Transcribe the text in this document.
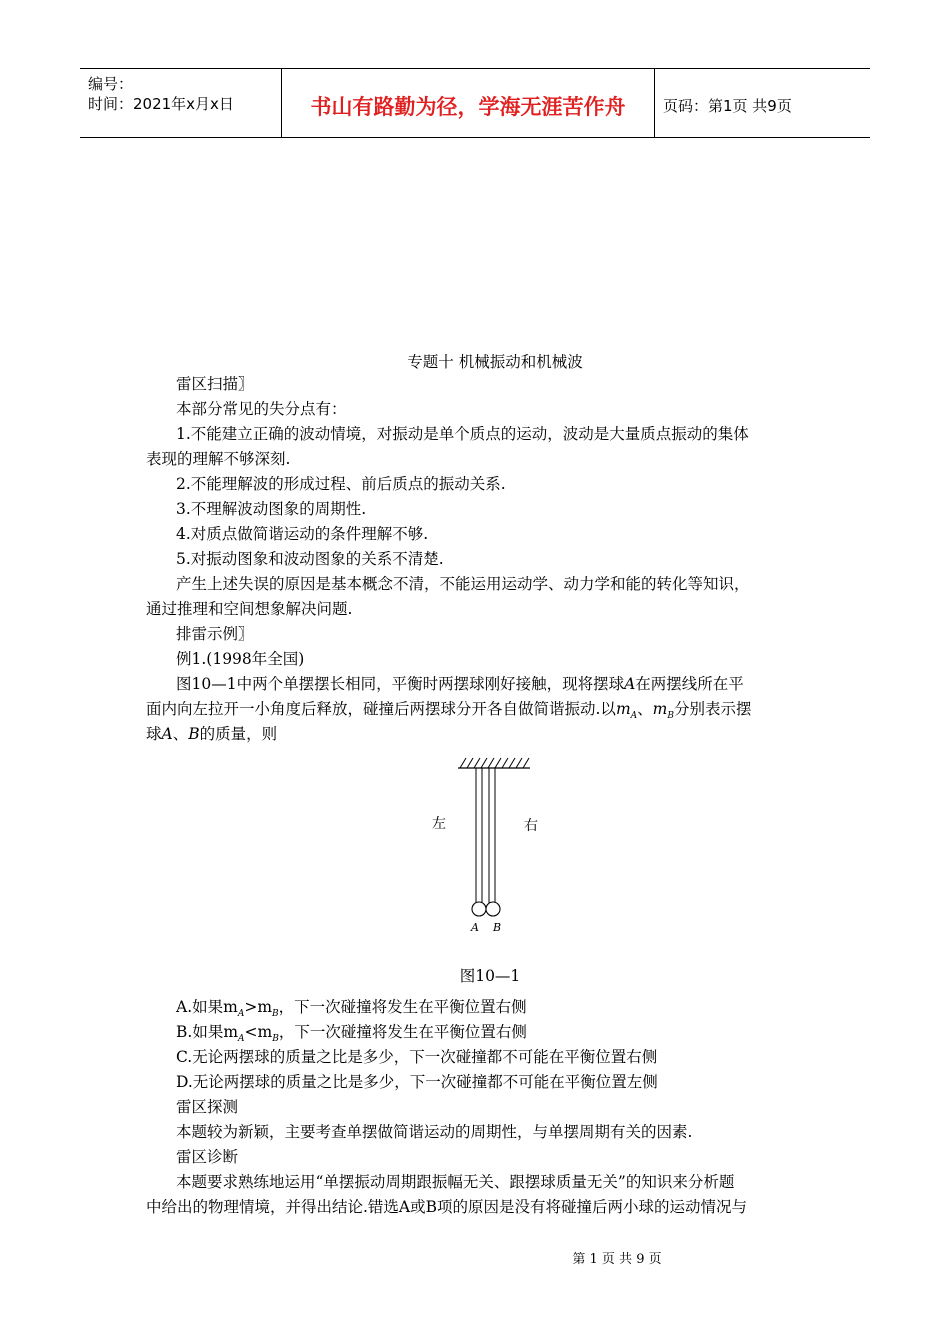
编号：
时间：2021年x月x日	书山有路勤为径，学海无涯苦作舟	页码：第1页 共9页
专题十 机械振动和机械波
雷区扫描〗
本部分常见的失分点有：
1.不能建立正确的波动情境，对振动是单个质点的运动，波动是大量质点振动的集体
表现的理解不够深刻.
2.不能理解波的形成过程、前后质点的振动关系.
3.不理解波动图象的周期性.
4.对质点做简谐运动的条件理解不够.
5.对振动图象和波动图象的关系不清楚.
产生上述失误的原因是基本概念不清，不能运用运动学、动力学和能的转化等知识，
通过推理和空间想象解决问题.
排雷示例〗
例1.(1998年全国)
图10—1中两个单摆摆长相同，平衡时两摆球刚好接触，现将摆球A在两摆线所在平
面内向左拉开一小角度后释放，碰撞后两摆球分开各自做简谐振动.以$m_A$、$m_B$分别表示摆
球A、B的质量，则
左	右
A B
图10—1
A.如果$m_A>m_B$，下一次碰撞将发生在平衡位置右侧
B.如果$m_A<m_B$，下一次碰撞将发生在平衡位置右侧
C.无论两摆球的质量之比是多少，下一次碰撞都不可能在平衡位置右侧
D.无论两摆球的质量之比是多少，下一次碰撞都不可能在平衡位置左侧
雷区探测
本题较为新颖，主要考查单摆做简谐运动的周期性，与单摆周期有关的因素.
雷区诊断
本题要求熟练地运用“单摆振动周期跟振幅无关、跟摆球质量无关”的知识来分析题
中给出的物理情境，并得出结论.错选A或B项的原因是没有将碰撞后两小球的运动情况与
第 1 页 共 9 页
